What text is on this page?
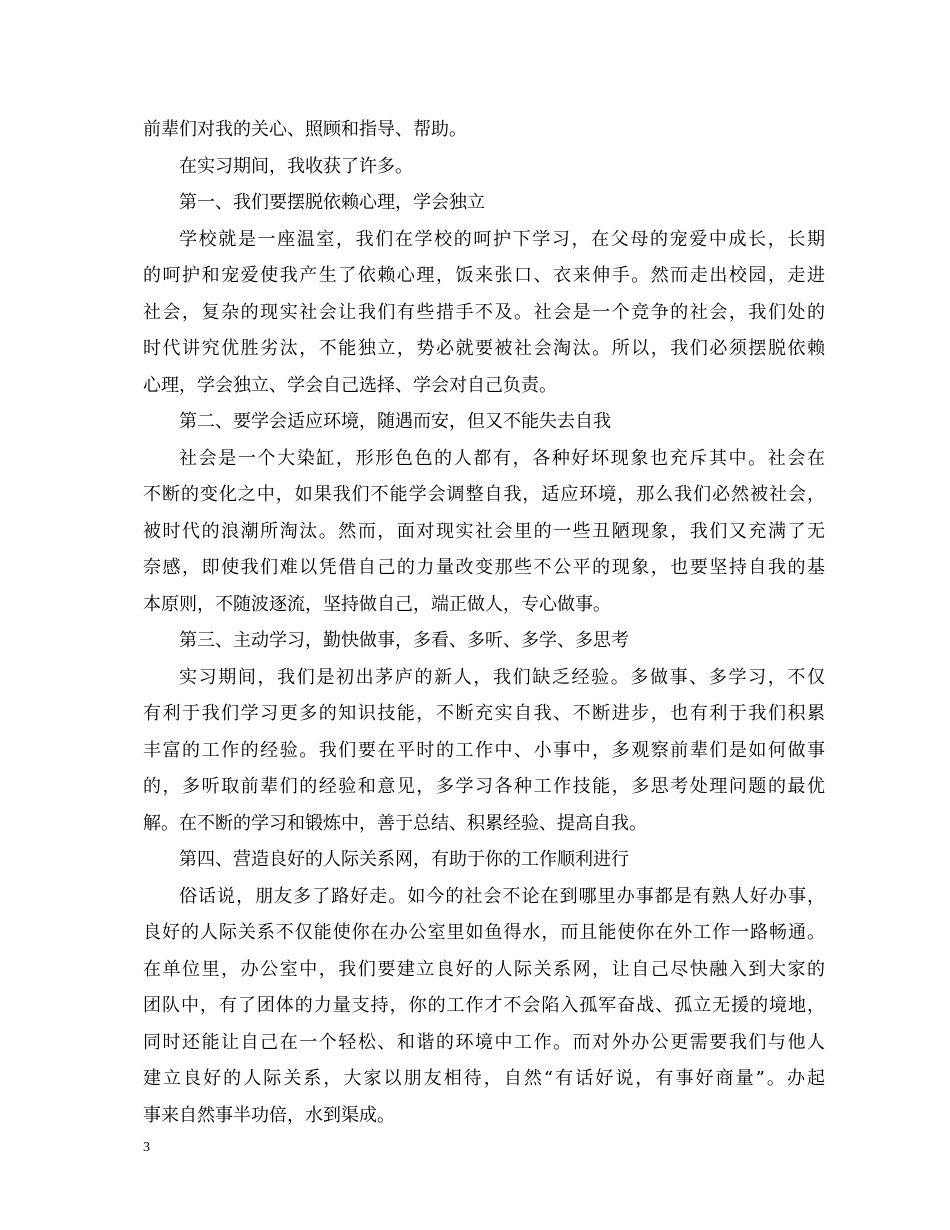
前辈们对我的关心、照顾和指导、帮助。
在实习期间，我收获了许多。
第一、我们要摆脱依赖心理，学会独立
学校就是一座温室，我们在学校的呵护下学习，在父母的宠爱中成长，长期
的呵护和宠爱使我产生了依赖心理，饭来张口、衣来伸手。然而走出校园，走进
社会，复杂的现实社会让我们有些措手不及。社会是一个竞争的社会，我们处的
时代讲究优胜劣汰，不能独立，势必就要被社会淘汰。所以，我们必须摆脱依赖
心理，学会独立、学会自己选择、学会对自己负责。
第二、要学会适应环境，随遇而安，但又不能失去自我
社会是一个大染缸，形形色色的人都有，各种好坏现象也充斥其中。社会在
不断的变化之中，如果我们不能学会调整自我，适应环境，那么我们必然被社会，
被时代的浪潮所淘汰。然而，面对现实社会里的一些丑陋现象，我们又充满了无
奈感，即使我们难以凭借自己的力量改变那些不公平的现象，也要坚持自我的基
本原则，不随波逐流，坚持做自己，端正做人，专心做事。
第三、主动学习，勤快做事，多看、多听、多学、多思考
实习期间，我们是初出茅庐的新人，我们缺乏经验。多做事、多学习，不仅
有利于我们学习更多的知识技能，不断充实自我、不断进步，也有利于我们积累
丰富的工作的经验。我们要在平时的工作中、小事中，多观察前辈们是如何做事
的，多听取前辈们的经验和意见，多学习各种工作技能，多思考处理问题的最优
解。在不断的学习和锻炼中，善于总结、积累经验、提高自我。
第四、营造良好的人际关系网，有助于你的工作顺利进行
俗话说，朋友多了路好走。如今的社会不论在到哪里办事都是有熟人好办事，
良好的人际关系不仅能使你在办公室里如鱼得水，而且能使你在外工作一路畅通。
在单位里，办公室中，我们要建立良好的人际关系网，让自己尽快融入到大家的
团队中，有了团体的力量支持，你的工作才不会陷入孤军奋战、孤立无援的境地，
同时还能让自己在一个轻松、和谐的环境中工作。而对外办公更需要我们与他人
建立良好的人际关系，大家以朋友相待，自然“有话好说，有事好商量”。办起
事来自然事半功倍，水到渠成。
3
